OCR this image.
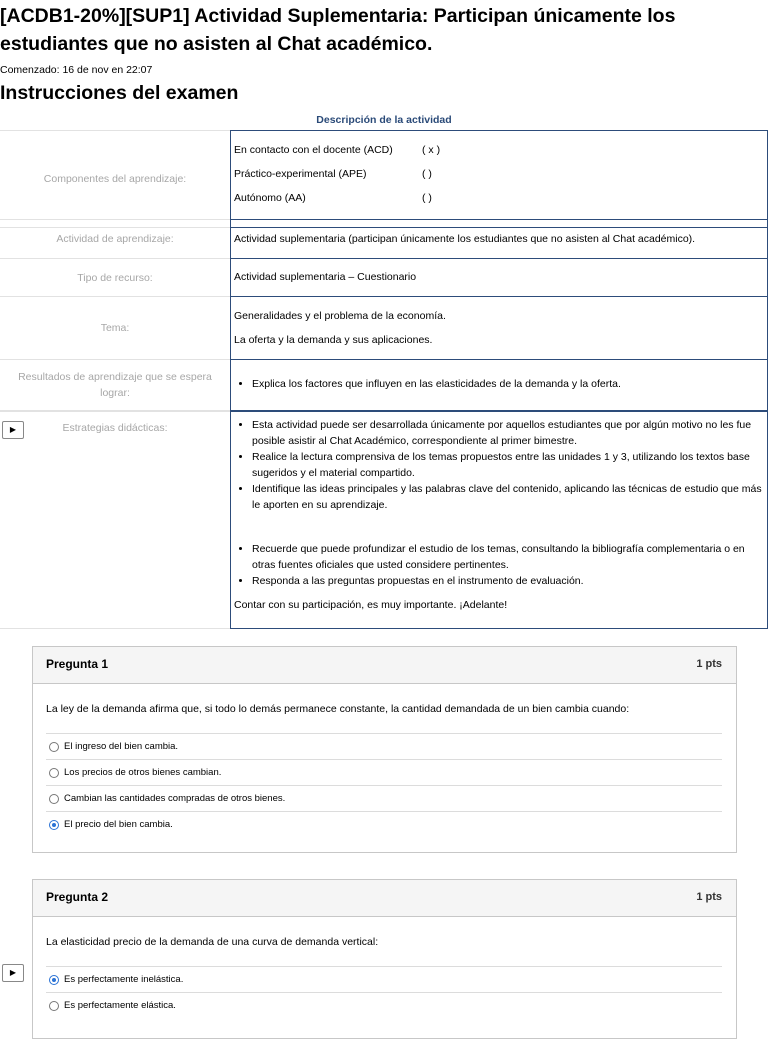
[ACDB1-20%][SUP1] Actividad Suplementaria: Participan únicamente los estudiantes que no asisten al Chat académico.
Comenzado: 16 de nov en 22:07
Instrucciones del examen
Descripción de la actividad
Componentes del aprendizaje:
En contacto con el docente (ACD)	( x )
Práctico-experimental (APE)	( )
Autónomo (AA)	( )
Actividad de aprendizaje:	Actividad suplementaria (participan únicamente los estudiantes que no asisten al Chat académico).
Tipo de recurso:	Actividad suplementaria – Cuestionario
Tema:

Generalidades y el problema de la economía.

La oferta y la demanda y sus aplicaciones.

Resultados de aprendizaje que se espera lograr:
• Explica los factores que influyen en las elasticidades de la demanda y la oferta.
Estrategias didácticas:
•	Esta actividad puede ser desarrollada únicamente por aquellos estudiantes que por algún motivo no les fue posible asistir al Chat Académico, correspondiente al primer bimestre.
• Realice la lectura comprensiva de los temas propuestos entre las unidades 1 y 3, utilizando los textos base sugeridos y el material compartido.
• Identifique las ideas principales y las palabras clave del contenido, aplicando las técnicas de estudio que más le aporten en su aprendizaje.
• Recuerde que puede profundizar el estudio de los temas, consultando la bibliografía complementaria o en otras fuentes oficiales que usted considere pertinentes.
• Responda a las preguntas propuestas en el instrumento de evaluación.

Contar con su participación, es muy importante. ¡Adelante!

▶
Pregunta 1	1 pts
La ley de la demanda afirma que, si todo lo demás permanece constante, la cantidad demandada de un bien cambia cuando:
El ingreso del bien cambia.
Los precios de otros bienes cambian.
Cambian las cantidades compradas de otros bienes.
El precio del bien cambia.
Pregunta 2	1 pts
La elasticidad precio de la demanda de una curva de demanda vertical:
Es perfectamente inelástica.
Es perfectamente elástica.
▶
